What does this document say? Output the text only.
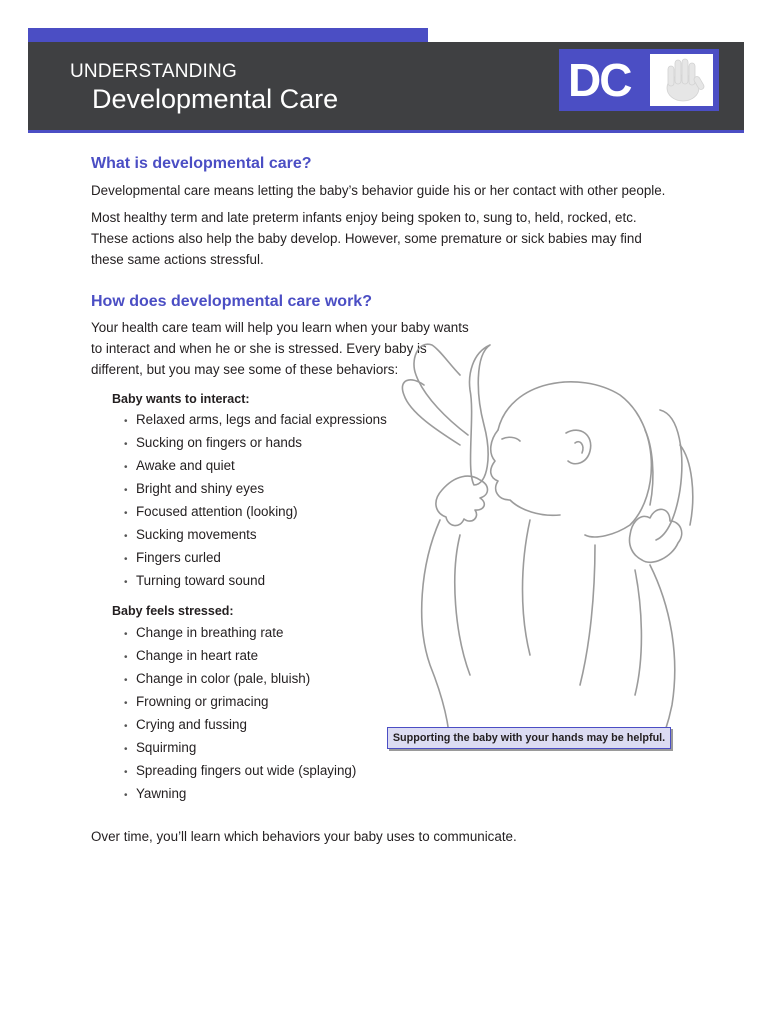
UNDERSTANDING
Developmental Care	DC
What is developmental care?

Developmental care means letting the baby’s behavior guide his or her contact with other people.

Most healthy term and late preterm infants enjoy being spoken to, sung to, held, rocked, etc.

These actions also help the baby develop. However, some premature or sick babies may find

these same actions stressful.

How does developmental care work?

Your health care team will help you learn when your baby wants

to interact and when he or she is stressed. Every baby is

different, but you may see some of these behaviors:

Baby wants to interact:

• Relaxed arms, legs and facial expressions
• Sucking on fingers or hands
• Awake and quiet
• Bright and shiny eyes
• Focused attention (looking)
• Sucking movements
• Fingers curled
• Turning toward sound

Baby feels stressed:

• Change in breathing rate
• Change in heart rate
• Change in color (pale, bluish)
• Frowning or grimacing
• Crying and fussing
• Squirming
• Spreading fingers out wide (splaying)
• Yawning
Supporting the baby with your hands may be helpful.

Over time, you’ll learn which behaviors your baby uses to communicate.
